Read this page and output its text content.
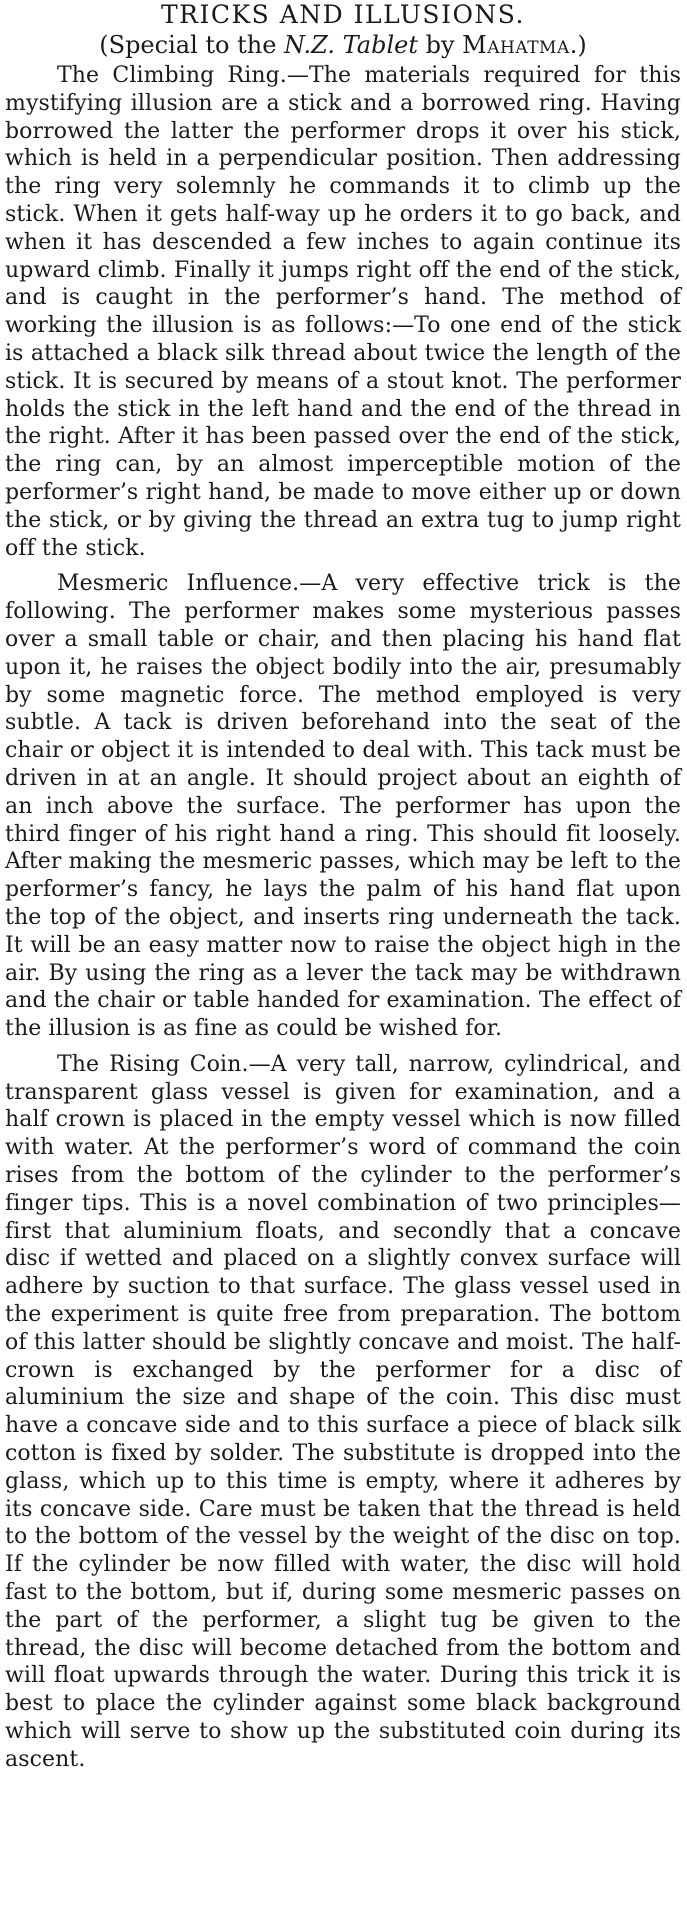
TRICKS AND ILLUSIONS.
(Special to the N.Z. Tablet by Mahatma.)

The Climbing Ring.—The materials required for this mystifying illusion are a stick and a borrowed ring. Having borrowed the latter the performer drops it over his stick, which is held in a perpendicular position. Then addressing the ring very solemnly he commands it to climb up the stick. When it gets half-way up he orders it to go back, and when it has descended a few inches to again continue its upward climb. Finally it jumps right off the end of the stick, and is caught in the performer’s hand. The method of working the illusion is as follows:—To one end of the stick is attached a black silk thread about twice the length of the stick. It is secured by means of a stout knot. The performer holds the stick in the left hand and the end of the thread in the right. After it has been passed over the end of the stick, the ring can, by an almost imperceptible motion of the performer’s right hand, be made to move either up or down the stick, or by giving the thread an extra tug to jump right off the stick.

Mesmeric Influence.—A very effective trick is the following. The performer makes some mysterious passes over a small table or chair, and then placing his hand flat upon it, he raises the object bodily into the air, presumably by some magnetic force. The method employed is very subtle. A tack is driven beforehand into the seat of the chair or object it is intended to deal with. This tack must be driven in at an angle. It should project about an eighth of an inch above the surface. The performer has upon the third finger of his right hand a ring. This should fit loosely. After making the mesmeric passes, which may be left to the performer’s fancy, he lays the palm of his hand flat upon the top of the object, and inserts ring underneath the tack. It will be an easy matter now to raise the object high in the air. By using the ring as a lever the tack may be withdrawn and the chair or table handed for examination. The effect of the illusion is as fine as could be wished for.

The Rising Coin.—A very tall, narrow, cylindrical, and transparent glass vessel is given for examination, and a half crown is placed in the empty vessel which is now filled with water. At the performer’s word of command the coin rises from the bottom of the cylinder to the performer’s finger tips. This is a novel combination of two principles—first that aluminium floats, and secondly that a concave disc if wetted and placed on a slightly convex surface will adhere by suction to that surface. The glass vessel used in the experiment is quite free from preparation. The bottom of this latter should be slightly concave and moist. The half-crown is exchanged by the performer for a disc of aluminium the size and shape of the coin. This disc must have a concave side and to this surface a piece of black silk cotton is fixed by solder. The substitute is dropped into the glass, which up to this time is empty, where it adheres by its concave side. Care must be taken that the thread is held to the bottom of the vessel by the weight of the disc on top. If the cylinder be now filled with water, the disc will hold fast to the bottom, but if, during some mesmeric passes on the part of the performer, a slight tug be given to the thread, the disc will become detached from the bottom and will float upwards through the water. During this trick it is best to place the cylinder against some black background which will serve to show up the substituted coin during its ascent.
